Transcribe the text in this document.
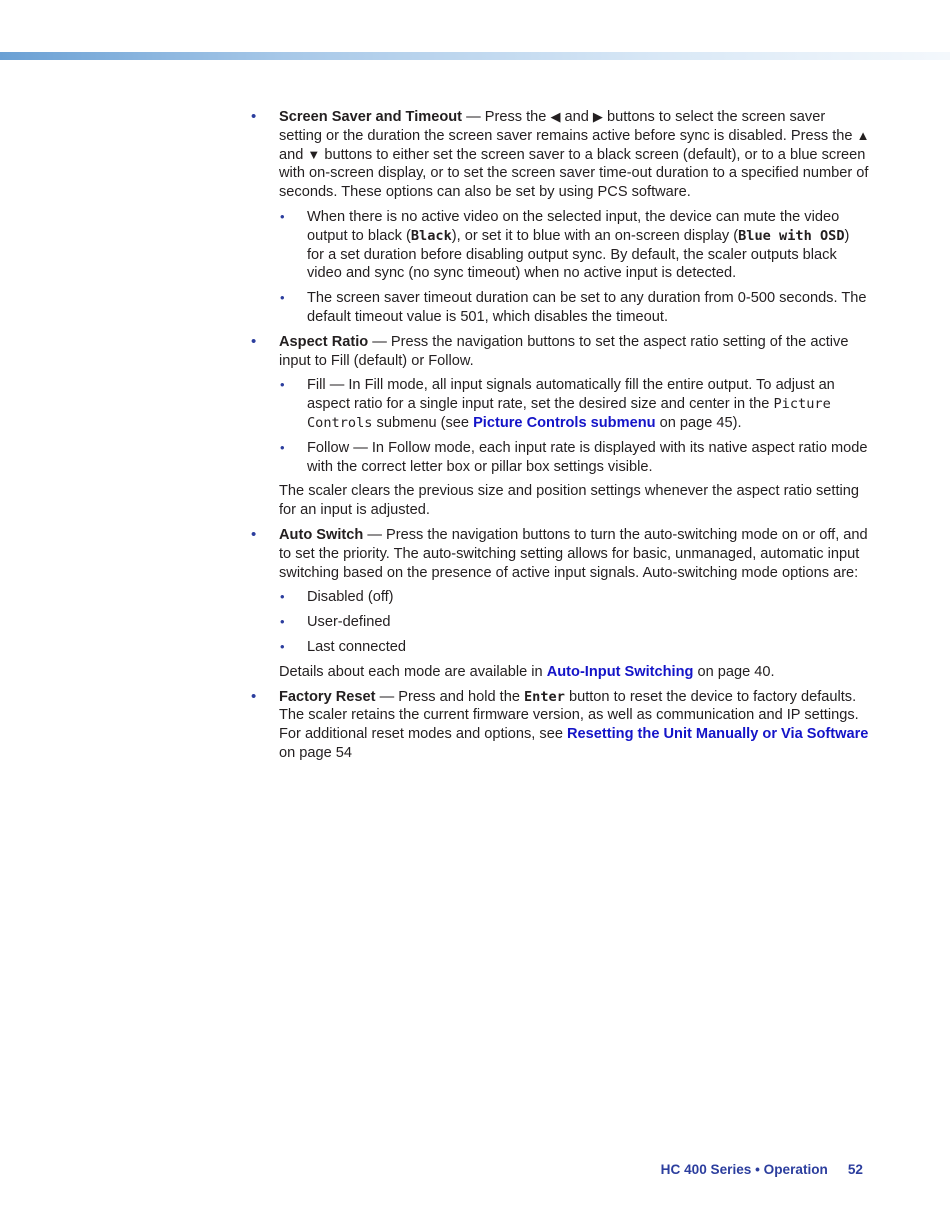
• Screen Saver and Timeout — Press the ◀ and ▶ buttons to select the screen saver setting or the duration the screen saver remains active before sync is disabled. Press the ▲ and ▼ buttons to either set the screen saver to a black screen (default), or to a blue screen with on-screen display, or to set the screen saver time-out duration to a specified number of seconds. These options can also be set by using PCS software.
• When there is no active video on the selected input, the device can mute the video output to black (Black), or set it to blue with an on-screen display (Blue with OSD) for a set duration before disabling output sync. By default, the scaler outputs black video and sync (no sync timeout) when no active input is detected.
• The screen saver timeout duration can be set to any duration from 0-500 seconds. The default timeout value is 501, which disables the timeout.
• Aspect Ratio — Press the navigation buttons to set the aspect ratio setting of the active input to Fill (default) or Follow.
• Fill — In Fill mode, all input signals automatically fill the entire output. To adjust an aspect ratio for a single input rate, set the desired size and center in the Picture Controls submenu (see Picture Controls submenu on page 45).
• Follow — In Follow mode, each input rate is displayed with its native aspect ratio mode with the correct letter box or pillar box settings visible.

The scaler clears the previous size and position settings whenever the aspect ratio setting for an input is adjusted.

• Auto Switch — Press the navigation buttons to turn the auto-switching mode on or off, and to set the priority. The auto-switching setting allows for basic, unmanaged, automatic input switching based on the presence of active input signals. Auto-switching mode options are:
• Disabled (off)
• User-defined
• Last connected

Details about each mode are available in Auto-Input Switching on page 40.

• Factory Reset — Press and hold the Enter button to reset the device to factory defaults. The scaler retains the current firmware version, as well as communication and IP settings. For additional reset modes and options, see Resetting the Unit Manually or Via Software on page 54
HC 400 Series • Operation 52
